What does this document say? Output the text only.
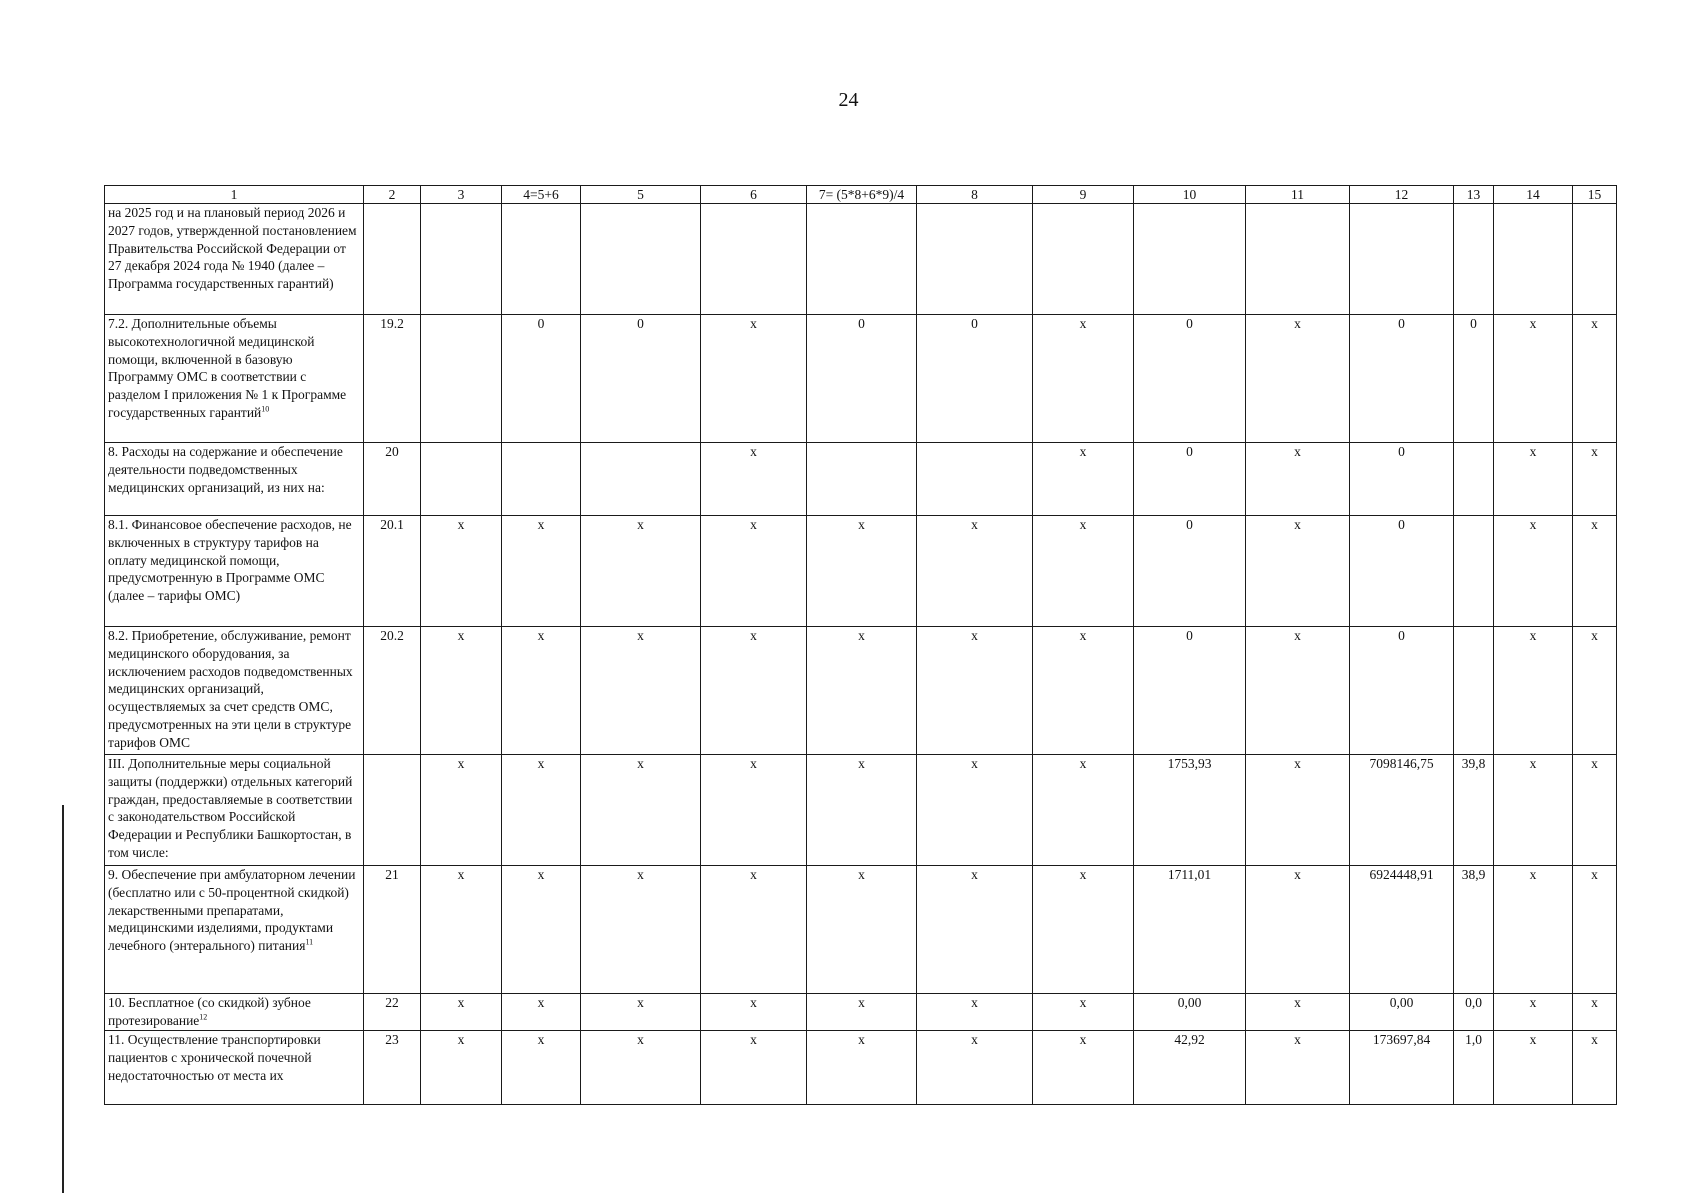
24
1	2	3	4=5+6	5	6	7= (5*8+6*9)/4	8	9	10	11	12	13	14	15
на 2025 год и на плановый период 2026 и 2027 годов, утвержденной постановлением Правительства Российской Федерации от 27 декабря 2024 года № 1940 (далее – Программа государственных гарантий)														
7.2. Дополнительные объемы высокотехнологичной медицинской помощи, включенной в базовую Программу ОМС в соответствии с разделом I приложения № 1 к Программе государственных гарантий$^{10}$	19.2		0	0	x	0	0	x	0	x	0	0	x	x
8. Расходы на содержание и обеспечение деятельности подведомственных медицинских организаций, из них на:	20				x			x	0	x	0		x	x
8.1. Финансовое обеспечение расходов, не включенных в структуру тарифов на оплату медицинской помощи, предусмотренную в Программе ОМС (далее – тарифы ОМС)	20.1	x	x	x	x	x	x	x	0	x	0		x	x
8.2. Приобретение, обслуживание, ремонт медицинского оборудования, за исключением расходов подведомственных медицинских организаций, осуществляемых за счет средств ОМС, предусмотренных на эти цели в структуре тарифов ОМС	20.2	x	x	x	x	x	x	x	0	x	0		x	x
III. Дополнительные меры социальной защиты (поддержки) отдельных категорий граждан, предоставляемые в соответствии с законодательством Российской Федерации и Республики Башкортостан, в том числе:		x	x	x	x	x	x	x	1753,93	x	7098146,75	39,8	x	x
9. Обеспечение при амбулаторном лечении (бесплатно или с 50-процентной скидкой) лекарственными препаратами, медицинскими изделиями, продуктами лечебного (энтерального) питания$^{11}$	21	x	x	x	x	x	x	x	1711,01	x	6924448,91	38,9	x	x
10. Бесплатное (со скидкой) зубное протезирование$^{12}$	22	x	x	x	x	x	x	x	0,00	x	0,00	0,0	x	x
11. Осуществление транспортировки пациентов с хронической почечной недостаточностью от места их	23	x	x	x	x	x	x	x	42,92	x	173697,84	1,0	x	x
